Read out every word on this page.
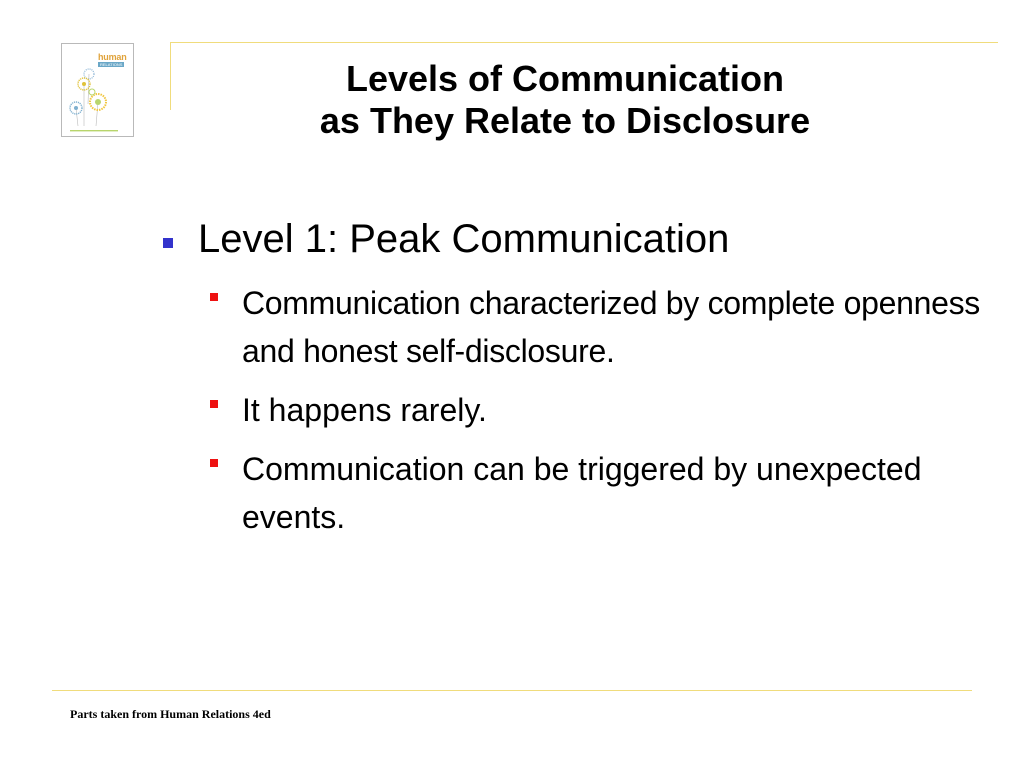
human
RELATIONS	Levels of Communication
as They Relate to Disclosure
Level 1: Peak Communication
Communication characterized by complete openness and honest self-disclosure.
It happens rarely.
Communication can be triggered by unexpected events.
Parts taken from Human Relations 4ed
